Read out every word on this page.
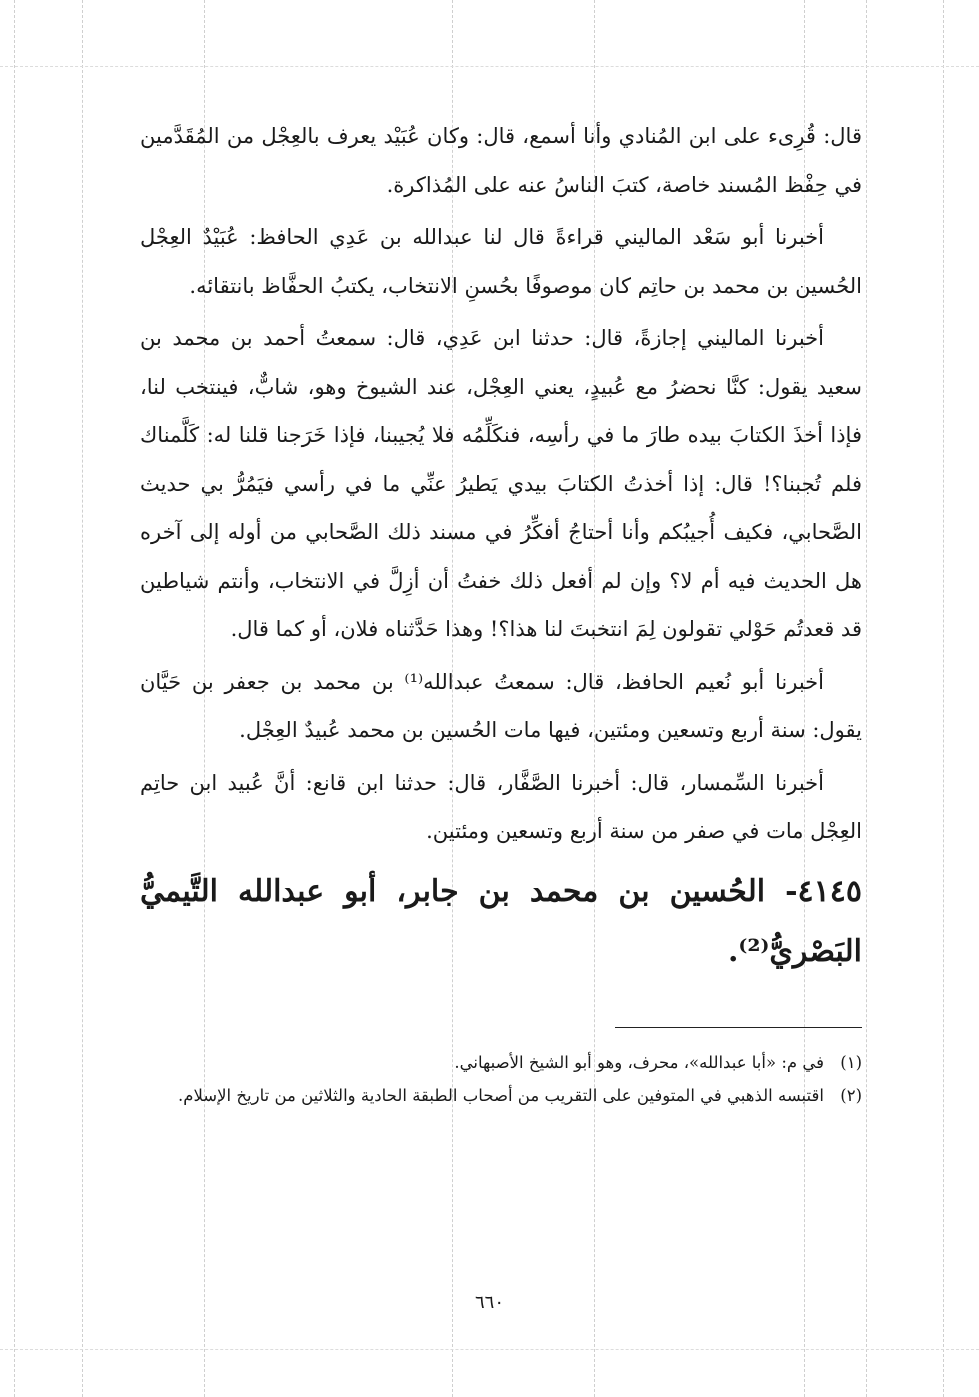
قال: قُرِىء على ابن المُنادي وأنا أسمع، قال: وكان عُبَيْد يعرف بالعِجْل من المُقَدَّمين في حِفْظ المُسند خاصة، كتبَ الناسُ عنه على المُذاكرة.

أخبرنا أبو سَعْد الماليني قراءةً قال لنا عبدالله بن عَدِي الحافظ: عُبَيْدٌ العِجْل الحُسين بن محمد بن حاتِم كان موصوفًا بحُسنِ الانتخاب، يكتبُ الحفَّاظ بانتقائه.

أخبرنا الماليني إجازةً، قال: حدثنا ابن عَدِي، قال: سمعتُ أحمد بن محمد بن سعيد يقول: كنَّا نحضرُ مع عُبيدٍ، يعني العِجْل، عند الشيوخ وهو، شابٌّ، فينتخب لنا، فإذا أخذَ الكتابَ بيده طارَ ما في رأسِه، فنكَلِّمُه فلا يُجيبنا، فإذا خَرَجنا قلنا له: كَلَّمناك فلم تُجبنا؟! قال: إذا أخذتُ الكتابَ بيدي يَطيرُ عنِّي ما في رأسي فيَمُرُّ بي حديث الصَّحابي، فكيف أُجيبُكم وأنا أحتاجُ أفكِّرُ في مسند ذلك الصَّحابي من أوله إلى آخره هل الحديث فيه أم لا؟ وإن لم أفعل ذلك خفتُ أن أزِلَّ في الانتخاب، وأنتم شياطين قد قعدتُم حَوْلي تقولون لِمَ انتخبتَ لنا هذا؟! وهذا حَدَّثناه فلان، أو كما قال.

أخبرنا أبو نُعيم الحافظ، قال: سمعتُ عبدالله⁽¹⁾ بن محمد بن جعفر بن حَيَّان يقول: سنة أربع وتسعين ومئتين، فيها مات الحُسين بن محمد عُبيدٌ العِجْل.

أخبرنا السِّمسار، قال: أخبرنا الصَّفَّار، قال: حدثنا ابن قانع: أنَّ عُبيد ابن حاتِم العِجْل مات في صفر من سنة أربع وتسعين ومئتين.

٤١٤٥- الحُسين بن محمد بن جابر، أبو عبدالله التَّيميُّ البَصْريُّ⁽²⁾.
(١)
في م: «أبا عبدالله»، محرف، وهو أبو الشيخ الأصبهاني.
(٢)
اقتبسه الذهبي في المتوفين على التقريب من أصحاب الطبقة الحادية والثلاثين من تاريخ الإسلام.
٦٦٠
